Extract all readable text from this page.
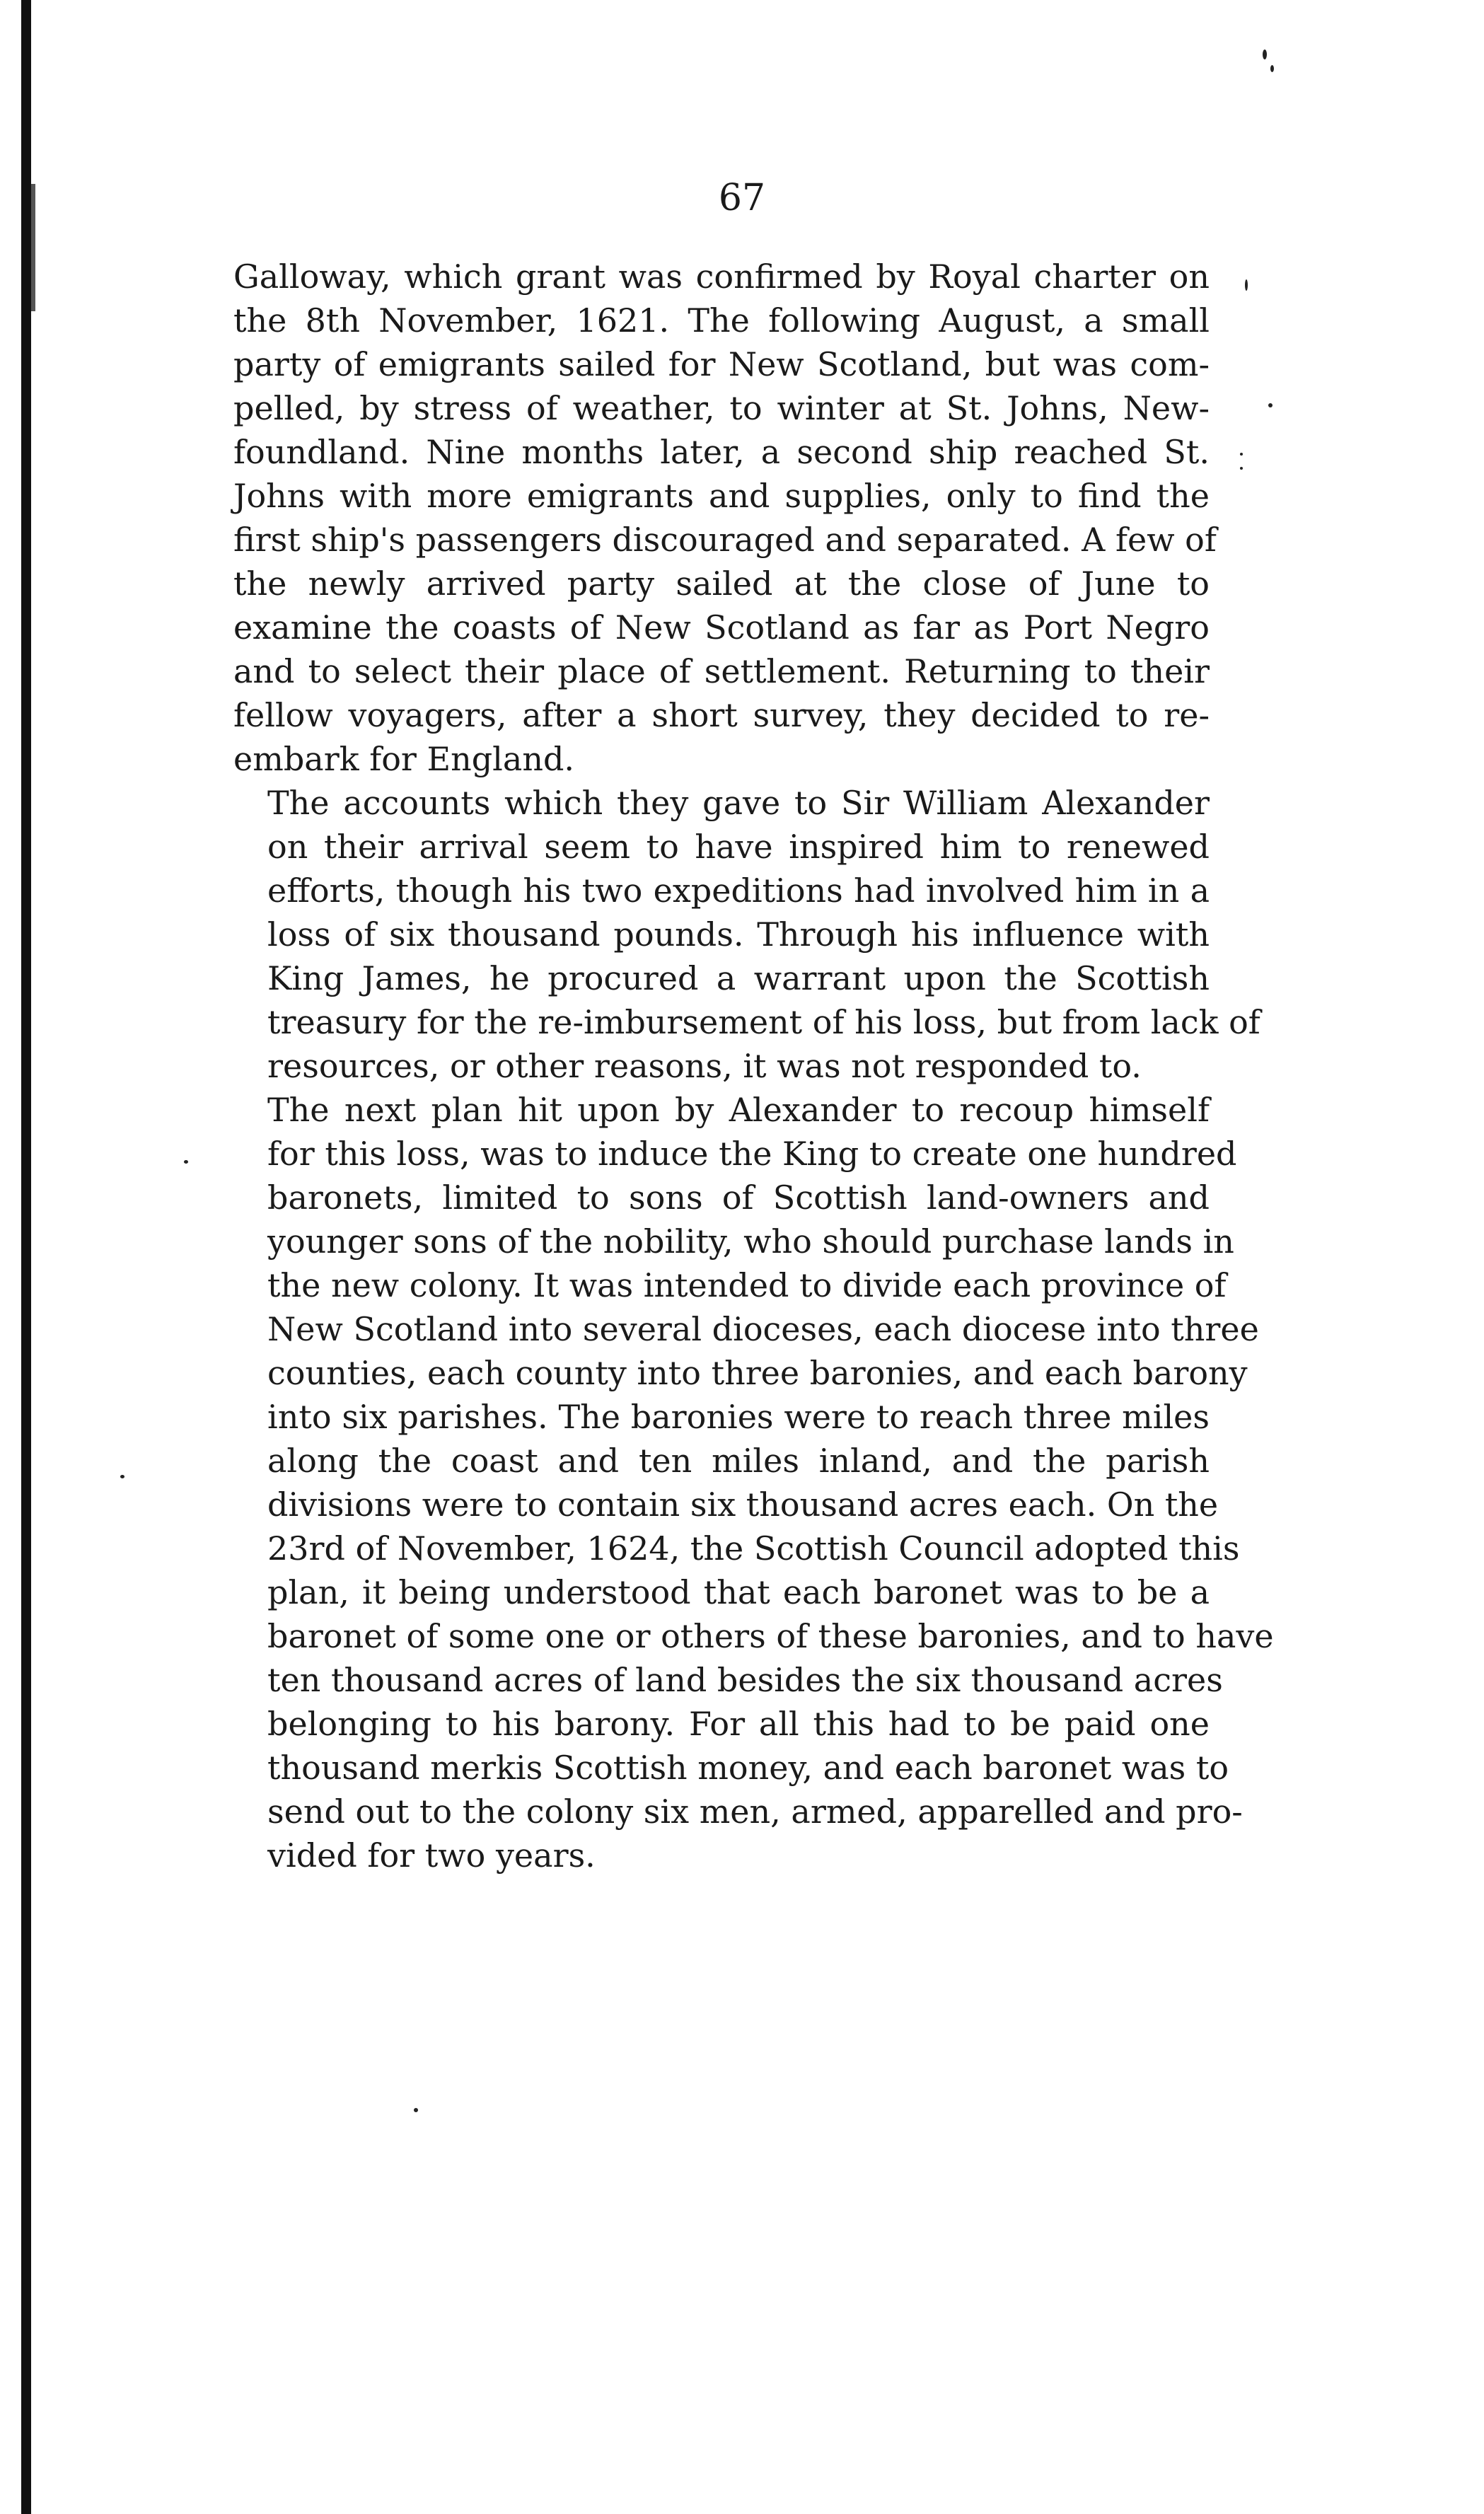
67
Galloway, which grant was confirmed by Royal charter on
the 8th November, 1621. The following August, a small
party of emigrants sailed for New Scotland, but was com-
pelled, by stress of weather, to winter at St. Johns, New-
foundland. Nine months later, a second ship reached St.
Johns with more emigrants and supplies, only to find the
first ship's passengers discouraged and separated. A few of
the newly arrived party sailed at the close of June to
examine the coasts of New Scotland as far as Port Negro
and to select their place of settlement. Returning to their
fellow voyagers, after a short survey, they decided to re-
embark for England.
The accounts which they gave to Sir William Alexander
on their arrival seem to have inspired him to renewed
efforts, though his two expeditions had involved him in a
loss of six thousand pounds. Through his influence with
King James, he procured a warrant upon the Scottish
treasury for the re-imbursement of his loss, but from lack of
resources, or other reasons, it was not responded to.
The next plan hit upon by Alexander to recoup himself
for this loss, was to induce the King to create one hundred
baronets, limited to sons of Scottish land-owners and
younger sons of the nobility, who should purchase lands in
the new colony. It was intended to divide each province of
New Scotland into several dioceses, each diocese into three
counties, each county into three baronies, and each barony
into six parishes. The baronies were to reach three miles
along the coast and ten miles inland, and the parish
divisions were to contain six thousand acres each. On the
23rd of November, 1624, the Scottish Council adopted this
plan, it being understood that each baronet was to be a
baronet of some one or others of these baronies, and to have
ten thousand acres of land besides the six thousand acres
belonging to his barony. For all this had to be paid one
thousand merkis Scottish money, and each baronet was to
send out to the colony six men, armed, apparelled and pro-
vided for two years.
